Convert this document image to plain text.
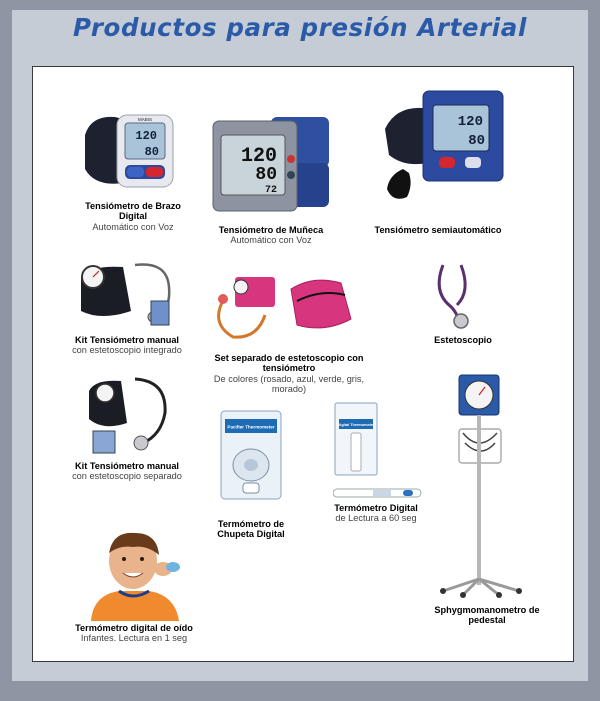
Productos para presión Arterial
MABIS
120
80
Tensiómetro de Brazo Digital
Automático con Voz
120
80
72
Tensiómetro de Muñeca
Automático con Voz
120
80
Tensiómetro semiautomático
Kit Tensiómetro manual
con estetoscopio integrado
Set separado de estetoscopio con tensiómetro
De colores (rosado, azul, verde, gris, morado)
Estetoscopio
Kit Tensiómetro manual
con estetoscopio separado
Pacifier Thermometer
Termómetro de Chupeta Digital
Digital Thermometer
Termómetro Digital
de Lectura a 60 seg
Sphygmomanometro de pedestal
Termómetro digital de oído
Infantes. Lectura en 1 seg
